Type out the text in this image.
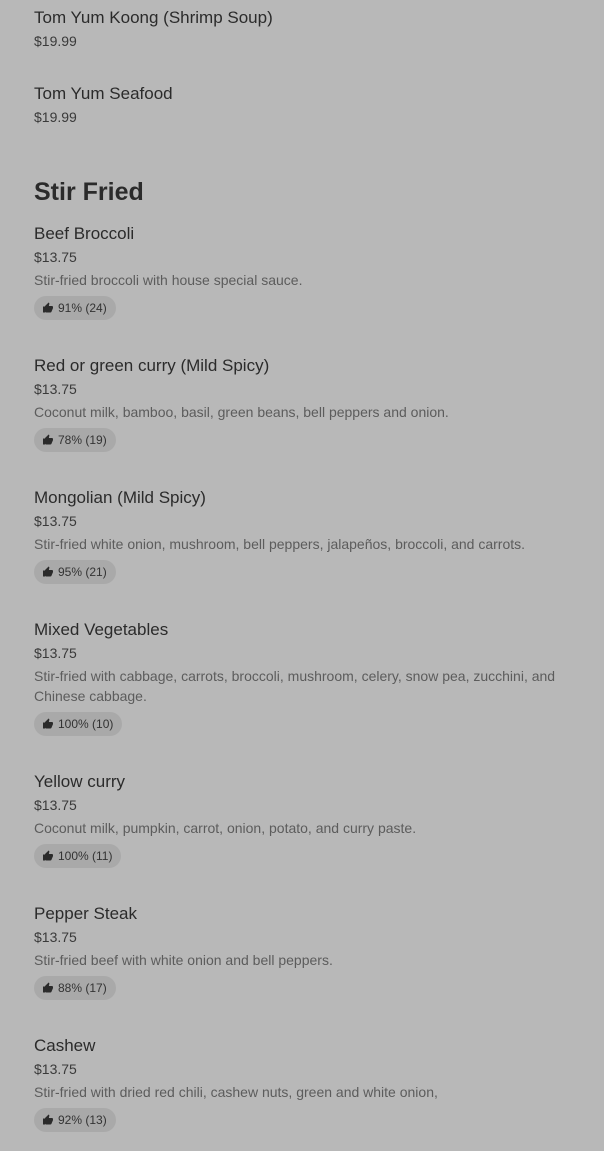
Tom Yum Koong (Shrimp Soup)
$19.99
Tom Yum Seafood
$19.99
Stir Fried
Beef Broccoli
$13.75
Stir-fried broccoli with house special sauce.
91% (24)
Red or green curry (Mild Spicy)
$13.75
Coconut milk, bamboo, basil, green beans, bell peppers and onion.
78% (19)
Mongolian (Mild Spicy)
$13.75
Stir-fried white onion, mushroom, bell peppers, jalapeños, broccoli, and carrots.
95% (21)
Mixed Vegetables
$13.75
Stir-fried with cabbage, carrots, broccoli, mushroom, celery, snow pea, zucchini, and Chinese cabbage.
100% (10)
Yellow curry
$13.75
Coconut milk, pumpkin, carrot, onion, potato, and curry paste.
100% (11)
Pepper Steak
$13.75
Stir-fried beef with white onion and bell peppers.
88% (17)
Cashew
$13.75
Stir-fried with dried red chili, cashew nuts, green and white onion,
92% (13)
